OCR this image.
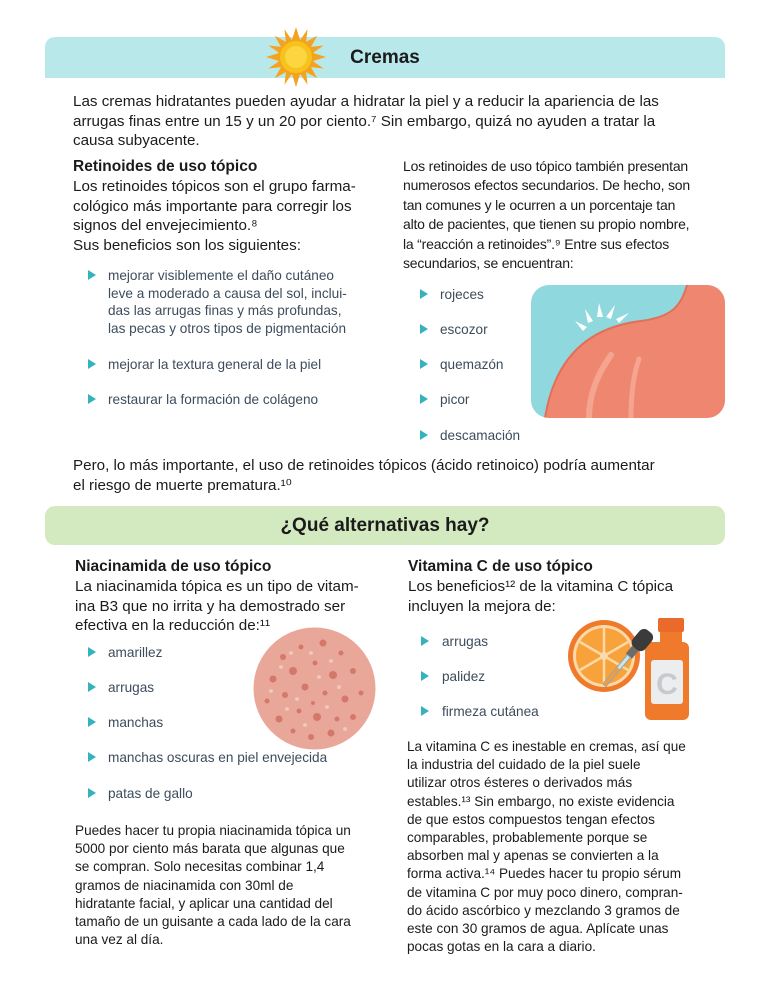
Cremas
Las cremas hidratantes pueden ayudar a hidratar la piel y a reducir la apariencia de las
arrugas finas entre un 15 y un 20 por ciento.⁷ Sin embargo, quizá no ayuden a tratar la
causa subyacente.
Retinoides de uso tópico
Los retinoides tópicos son el grupo farma-
cológico más importante para corregir los
signos del envejecimiento.⁸
Sus beneficios son los siguientes:
mejorar visiblemente el daño cutáneo
leve a moderado a causa del sol, inclui-
das las arrugas finas y más profundas,
las pecas y otros tipos de pigmentación
mejorar la textura general de la piel
restaurar la formación de colágeno
Los retinoides de uso tópico también presentan
numerosos efectos secundarios. De hecho, son
tan comunes y le ocurren a un porcentaje tan
alto de pacientes, que tienen su propio nombre,
la “reacción a retinoides”.⁹ Entre sus efectos
secundarios, se encuentran:
rojeces
escozor
quemazón
picor
descamación
Pero, lo más importante, el uso de retinoides tópicos (ácido retinoico) podría aumentar
el riesgo de muerte prematura.¹⁰
¿Qué alternativas hay?
Niacinamida de uso tópico
La niacinamida tópica es un tipo de vitam-
ina B3 que no irrita y ha demostrado ser
efectiva en la reducción de:¹¹
amarillez
arrugas
manchas
manchas oscuras en piel envejecida
patas de gallo
Puedes hacer tu propia niacinamida tópica un
5000 por ciento más barata que algunas que
se compran. Solo necesitas combinar 1,4
gramos de niacinamida con 30ml de
hidratante facial, y aplicar una cantidad del
tamaño de un guisante a cada lado de la cara
una vez al día.
Vitamina C de uso tópico
Los beneficios¹² de la vitamina C tópica
incluyen la mejora de:
arrugas
palidez
firmeza cutánea
C
La vitamina C es inestable en cremas, así que
la industria del cuidado de la piel suele
utilizar otros ésteres o derivados más
estables.¹³ Sin embargo, no existe evidencia
de que estos compuestos tengan efectos
comparables, probablemente porque se
absorben mal y apenas se convierten a la
forma activa.¹⁴ Puedes hacer tu propio sérum
de vitamina C por muy poco dinero, compran-
do ácido ascórbico y mezclando 3 gramos de
este con 30 gramos de agua. Aplícate unas
pocas gotas en la cara a diario.
